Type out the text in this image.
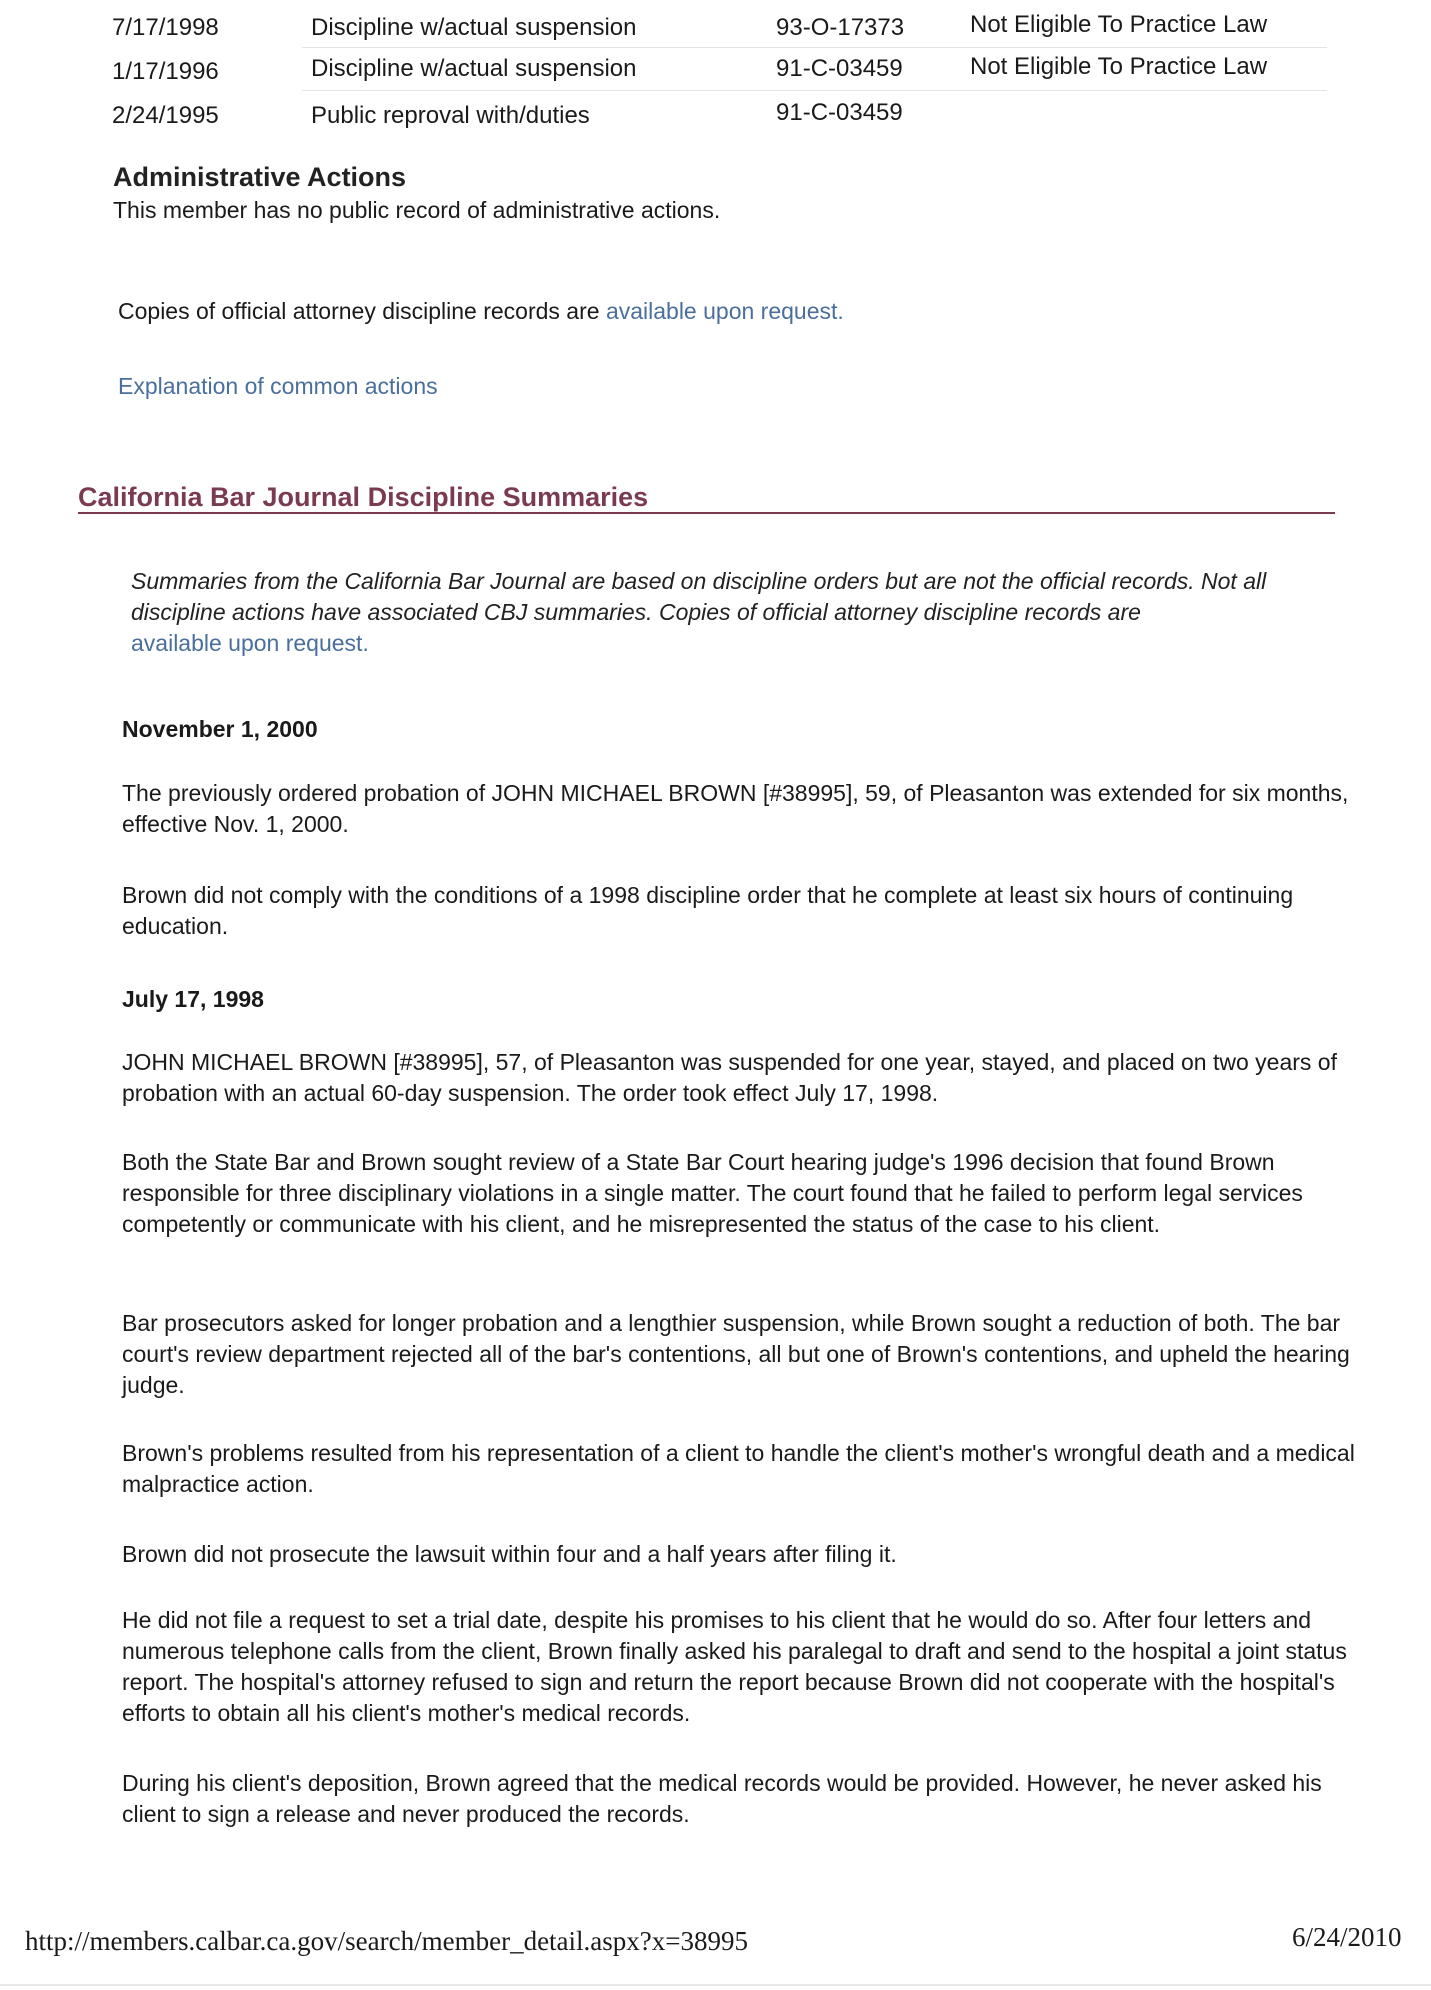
7/17/1998	Discipline w/actual suspension	93-O-17373	Not Eligible To Practice Law
1/17/1996	Discipline w/actual suspension	91-C-03459	Not Eligible To Practice Law
2/24/1995	Public reproval with/duties	91-C-03459
Administrative Actions
This member has no public record of administrative actions.
Copies of official attorney discipline records are available upon request.
Explanation of common actions
California Bar Journal Discipline Summaries
Summaries from the California Bar Journal are based on discipline orders but are not the official records. Not all discipline actions have associated CBJ summaries. Copies of official attorney discipline records are
available upon request.
November 1, 2000
The previously ordered probation of JOHN MICHAEL BROWN [#38995], 59, of Pleasanton was extended for six months, effective Nov. 1, 2000.
Brown did not comply with the conditions of a 1998 discipline order that he complete at least six hours of continuing education.
July 17, 1998
JOHN MICHAEL BROWN [#38995], 57, of Pleasanton was suspended for one year, stayed, and placed on two years of probation with an actual 60-day suspension. The order took effect July 17, 1998.
Both the State Bar and Brown sought review of a State Bar Court hearing judge's 1996 decision that found Brown responsible for three disciplinary violations in a single matter. The court found that he failed to perform legal services competently or communicate with his client, and he misrepresented the status of the case to his client.
Bar prosecutors asked for longer probation and a lengthier suspension, while Brown sought a reduction of both. The bar court's review department rejected all of the bar's contentions, all but one of Brown's contentions, and upheld the hearing judge.
Brown's problems resulted from his representation of a client to handle the client's mother's wrongful death and a medical malpractice action.
Brown did not prosecute the lawsuit within four and a half years after filing it.
He did not file a request to set a trial date, despite his promises to his client that he would do so. After four letters and numerous telephone calls from the client, Brown finally asked his paralegal to draft and send to the hospital a joint status report. The hospital's attorney refused to sign and return the report because Brown did not cooperate with the hospital's efforts to obtain all his client's mother's medical records.
During his client's deposition, Brown agreed that the medical records would be provided. However, he never asked his client to sign a release and never produced the records.
http://members.calbar.ca.gov/search/member_detail.aspx?x=38995	6/24/2010
